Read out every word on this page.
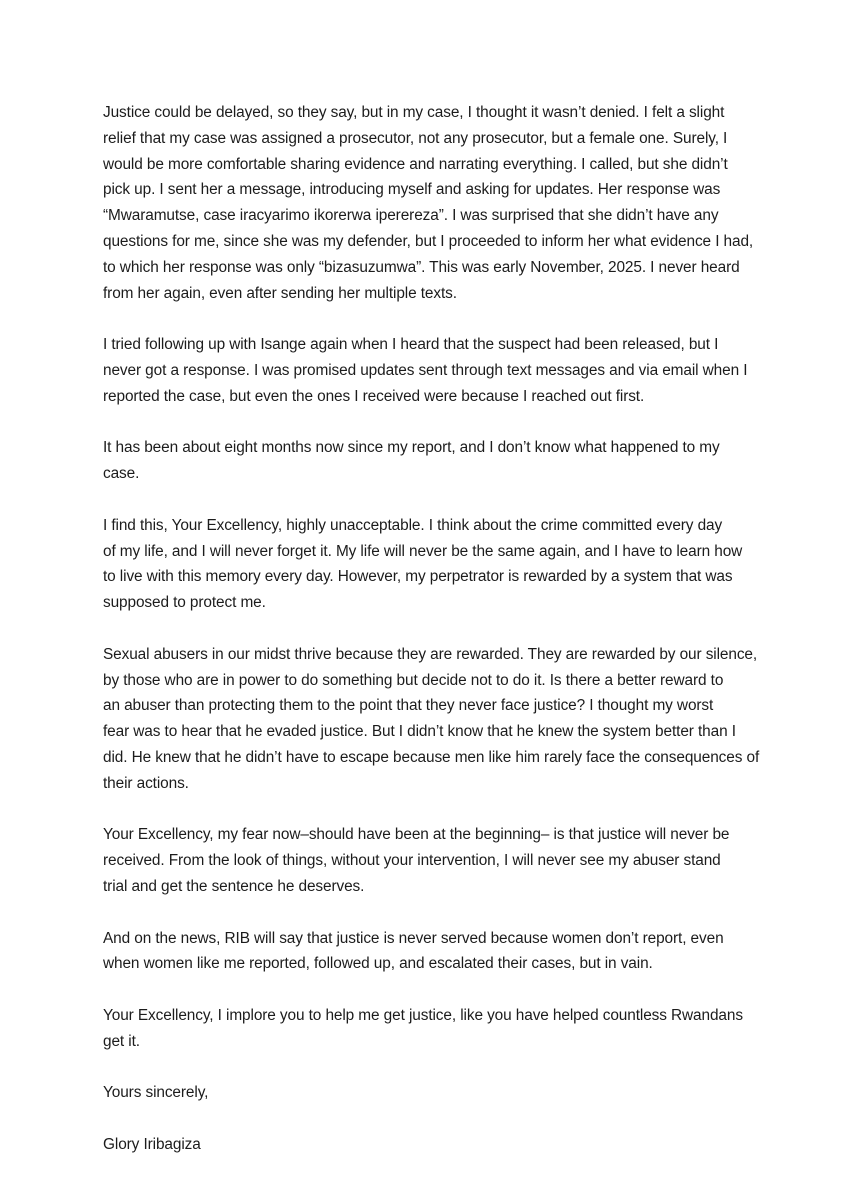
Justice could be delayed, so they say, but in my case, I thought it wasn’t denied. I felt a slight
relief that my case was assigned a prosecutor, not any prosecutor, but a female one. Surely, I
would be more comfortable sharing evidence and narrating everything. I called, but she didn’t
pick up. I sent her a message, introducing myself and asking for updates. Her response was
“Mwaramutse, case iracyarimo ikorerwa iperereza”. I was surprised that she didn’t have any
questions for me, since she was my defender, but I proceeded to inform her what evidence I had,
to which her response was only “bizasuzumwa”. This was early November, 2025. I never heard
from her again, even after sending her multiple texts.
I tried following up with Isange again when I heard that the suspect had been released, but I
never got a response. I was promised updates sent through text messages and via email when I
reported the case, but even the ones I received were because I reached out first.
It has been about eight months now since my report, and I don’t know what happened to my
case.
I find this, Your Excellency, highly unacceptable. I think about the crime committed every day
of my life, and I will never forget it. My life will never be the same again, and I have to learn how
to live with this memory every day. However, my perpetrator is rewarded by a system that was
supposed to protect me.
Sexual abusers in our midst thrive because they are rewarded. They are rewarded by our silence,
by those who are in power to do something but decide not to do it. Is there a better reward to
an abuser than protecting them to the point that they never face justice? I thought my worst
fear was to hear that he evaded justice. But I didn’t know that he knew the system better than I
did. He knew that he didn’t have to escape because men like him rarely face the consequences of
their actions.
Your Excellency, my fear now–should have been at the beginning– is that justice will never be
received. From the look of things, without your intervention, I will never see my abuser stand
trial and get the sentence he deserves.
And on the news, RIB will say that justice is never served because women don’t report, even
when women like me reported, followed up, and escalated their cases, but in vain.
Your Excellency, I implore you to help me get justice, like you have helped countless Rwandans
get it.
Yours sincerely,
Glory Iribagiza
